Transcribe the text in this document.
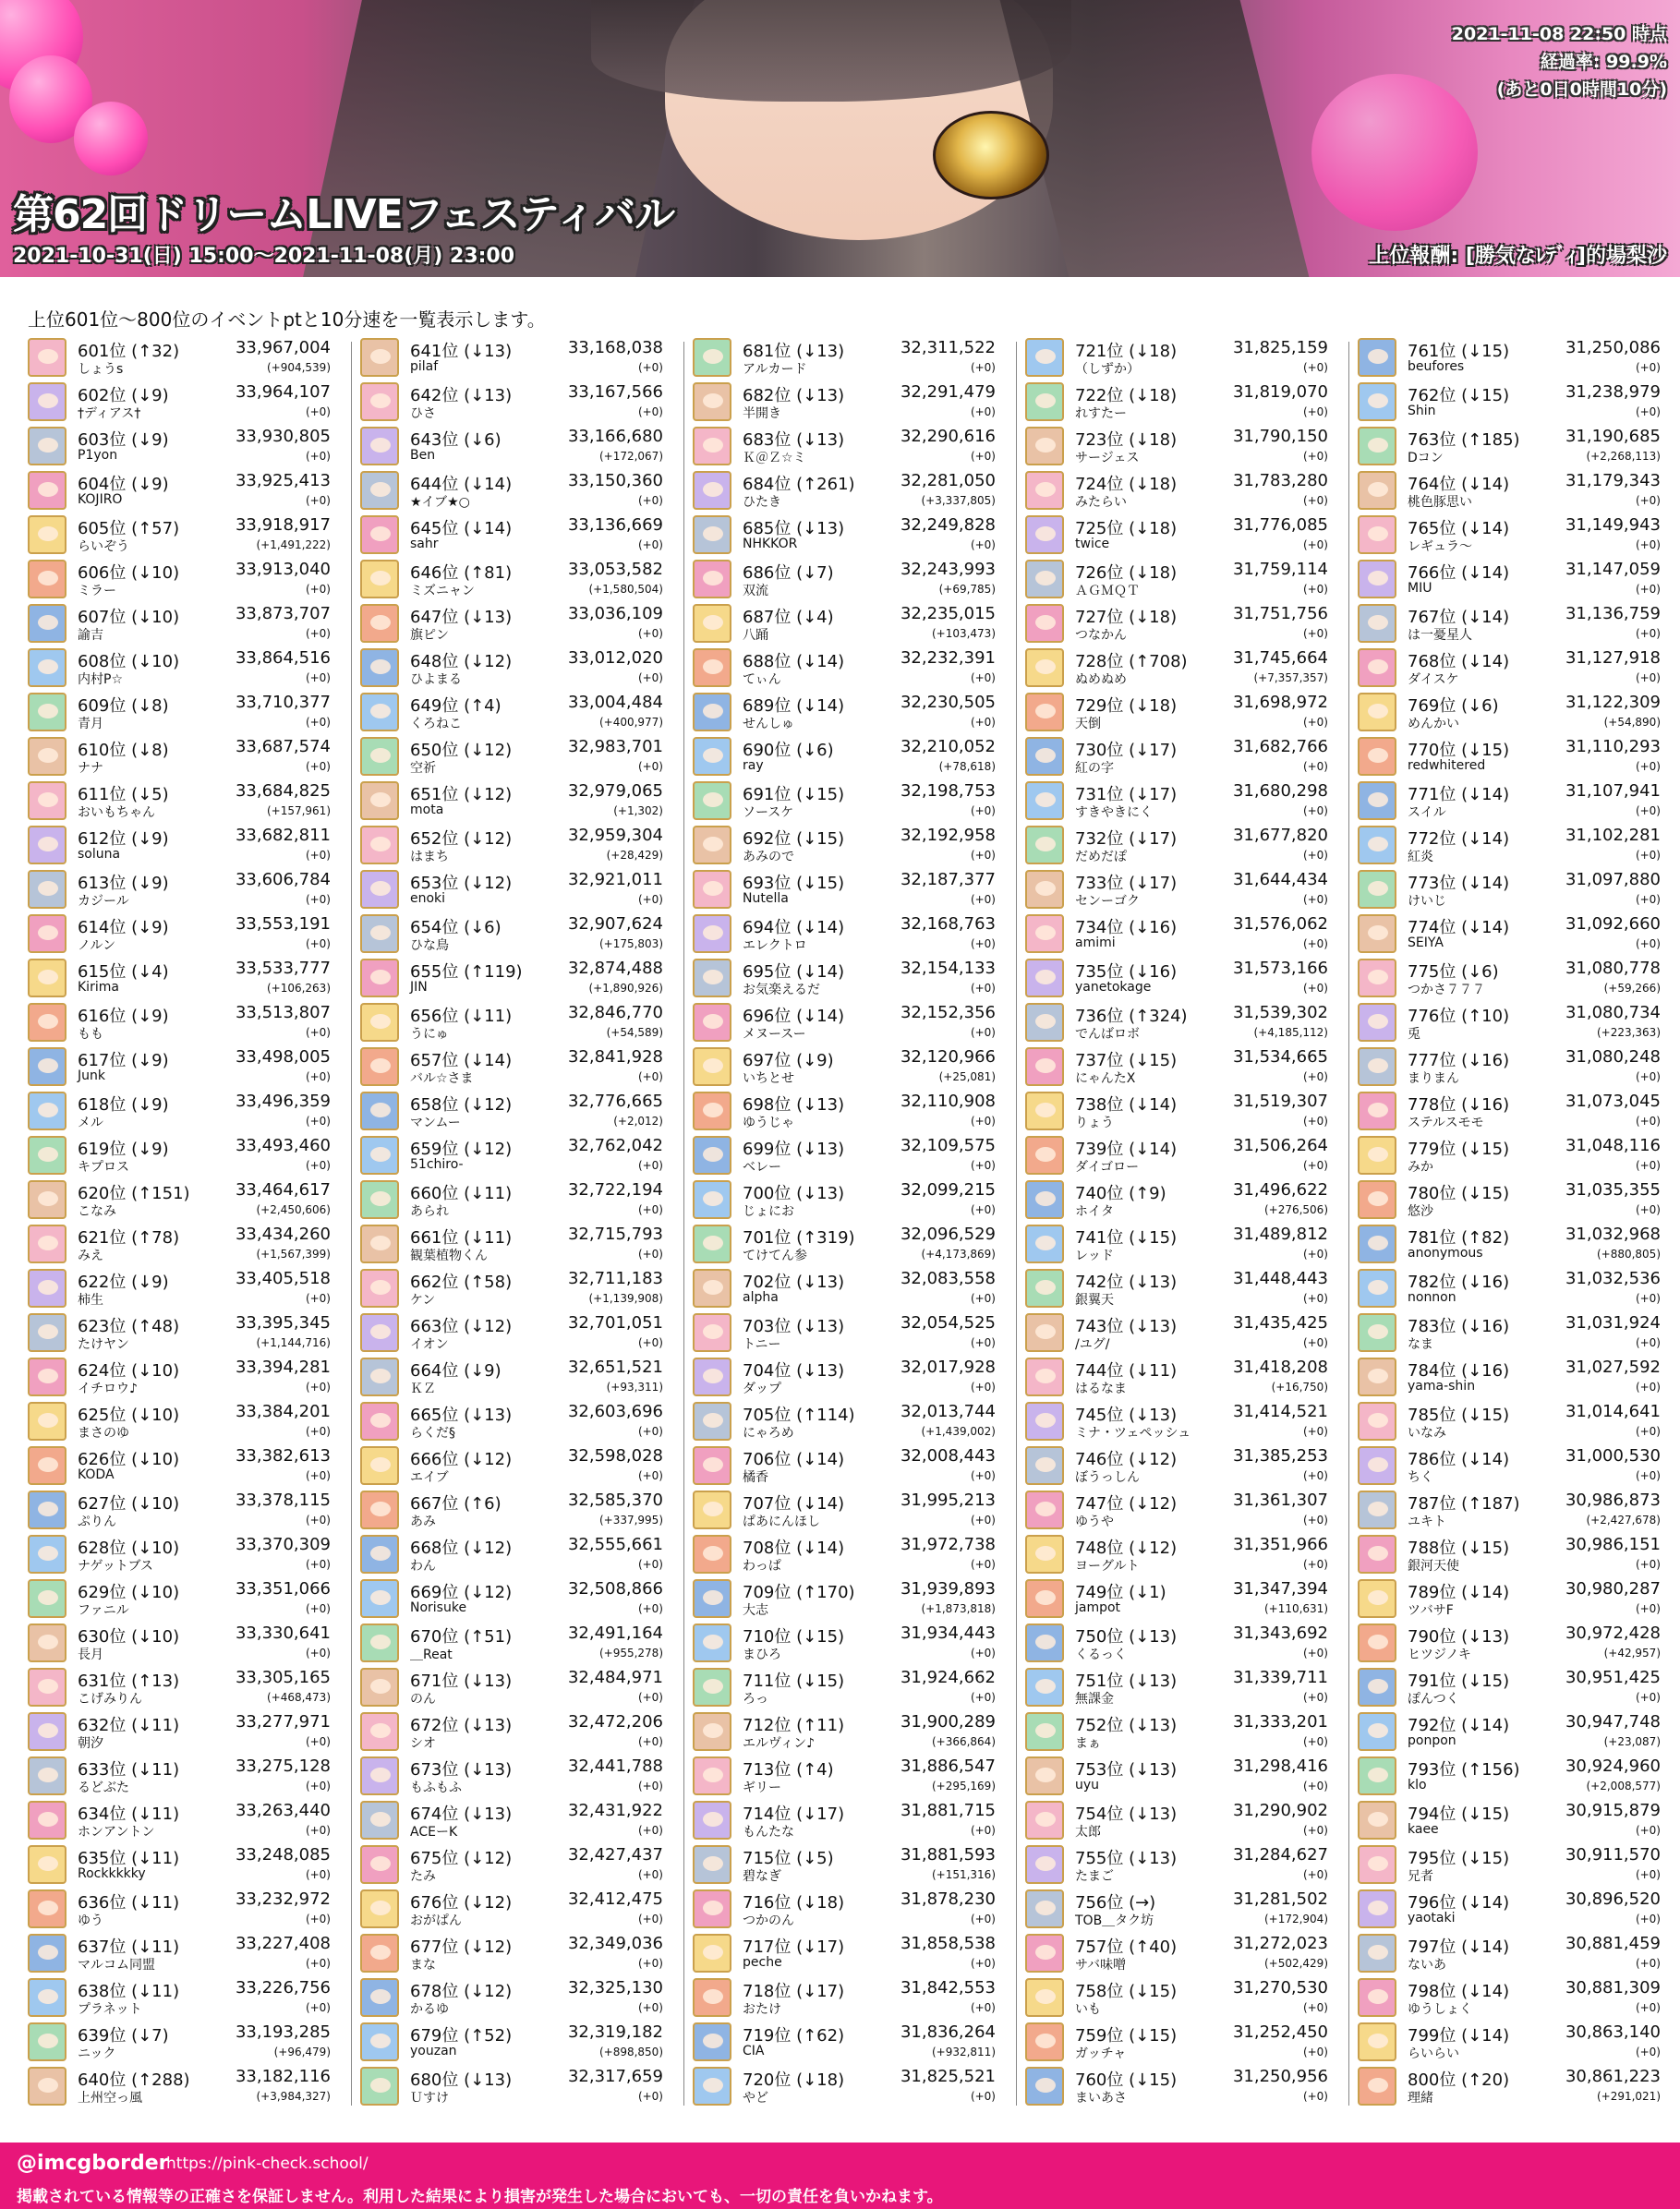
2021-11-08 22:50 時点
経過率: 99.9%
(あと0日0時間10分)
第62回ドリームLIVEフェスティバル
2021-10-31(日) 15:00～2021-11-08(月) 23:00	上位報酬: [勝気なﾚﾃﾞｨ]的場梨沙
上位601位～800位のイベントptと10分速を一覧表示します。
601位 (↑32)	33,967,004
しょうs	(+904,539)
602位 (↓9)	33,964,107
†ディアス†	(+0)
603位 (↓9)	33,930,805
P1yon	(+0)
604位 (↓9)	33,925,413
KOJIRO	(+0)
605位 (↑57)	33,918,917
らいぞう	(+1,491,222)
606位 (↓10)	33,913,040
ミラー	(+0)
607位 (↓10)	33,873,707
諭吉	(+0)
608位 (↓10)	33,864,516
内村P☆	(+0)
609位 (↓8)	33,710,377
青月	(+0)
610位 (↓8)	33,687,574
ナナ	(+0)
611位 (↓5)	33,684,825
おいもちゃん	(+157,961)
612位 (↓9)	33,682,811
soluna	(+0)
613位 (↓9)	33,606,784
カジール	(+0)
614位 (↓9)	33,553,191
ノルン	(+0)
615位 (↓4)	33,533,777
Kirima	(+106,263)
616位 (↓9)	33,513,807
もも	(+0)
617位 (↓9)	33,498,005
Junk	(+0)
618位 (↓9)	33,496,359
メル	(+0)
619位 (↓9)	33,493,460
キプロス	(+0)
620位 (↑151)	33,464,617
こなみ	(+2,450,606)
621位 (↑78)	33,434,260
みえ	(+1,567,399)
622位 (↓9)	33,405,518
柿生	(+0)
623位 (↑48)	33,395,345
たけヤン	(+1,144,716)
624位 (↓10)	33,394,281
イチロウ♪	(+0)
625位 (↓10)	33,384,201
まさのゆ	(+0)
626位 (↓10)	33,382,613
KODA	(+0)
627位 (↓10)	33,378,115
ぷりん	(+0)
628位 (↓10)	33,370,309
ナゲットブス	(+0)
629位 (↓10)	33,351,066
ファニル	(+0)
630位 (↓10)	33,330,641
長月	(+0)
631位 (↑13)	33,305,165
こげみりん	(+468,473)
632位 (↓11)	33,277,971
朝汐	(+0)
633位 (↓11)	33,275,128
るどぶた	(+0)
634位 (↓11)	33,263,440
ホンアントン	(+0)
635位 (↓11)	33,248,085
Rockkkkky	(+0)
636位 (↓11)	33,232,972
ゆう	(+0)
637位 (↓11)	33,227,408
マルコム同盟	(+0)
638位 (↓11)	33,226,756
プラネット	(+0)
639位 (↓7)	33,193,285
ニック	(+96,479)
640位 (↑288)	33,182,116
上州空っ風	(+3,984,327)
641位 (↓13)	33,168,038
pilaf	(+0)
642位 (↓13)	33,167,566
ひさ	(+0)
643位 (↓6)	33,166,680
Ben	(+172,067)
644位 (↓14)	33,150,360
★イブ★○	(+0)
645位 (↓14)	33,136,669
sahr	(+0)
646位 (↑81)	33,053,582
ミズニャン	(+1,580,504)
647位 (↓13)	33,036,109
旗ピン	(+0)
648位 (↓12)	33,012,020
ひよまる	(+0)
649位 (↑4)	33,004,484
くろねこ	(+400,977)
650位 (↓12)	32,983,701
空祈	(+0)
651位 (↓12)	32,979,065
mota	(+1,302)
652位 (↓12)	32,959,304
はまち	(+28,429)
653位 (↓12)	32,921,011
enoki	(+0)
654位 (↓6)	32,907,624
ひな鳥	(+175,803)
655位 (↑119)	32,874,488
JIN	(+1,890,926)
656位 (↓11)	32,846,770
うにゅ	(+54,589)
657位 (↓14)	32,841,928
バル☆さま	(+0)
658位 (↓12)	32,776,665
マンムー	(+2,012)
659位 (↓12)	32,762,042
51chiro-	(+0)
660位 (↓11)	32,722,194
あられ	(+0)
661位 (↓11)	32,715,793
観葉植物くん	(+0)
662位 (↑58)	32,711,183
ケン	(+1,139,908)
663位 (↓12)	32,701,051
イオン	(+0)
664位 (↓9)	32,651,521
ＫＺ	(+93,311)
665位 (↓13)	32,603,696
らくだ§	(+0)
666位 (↓12)	32,598,028
エイブ	(+0)
667位 (↑6)	32,585,370
あみ	(+337,995)
668位 (↓12)	32,555,661
わん	(+0)
669位 (↓12)	32,508,866
Norisuke	(+0)
670位 (↑51)	32,491,164
＿Reat	(+955,278)
671位 (↓13)	32,484,971
のん	(+0)
672位 (↓13)	32,472,206
シオ	(+0)
673位 (↓13)	32,441,788
もふもふ	(+0)
674位 (↓13)	32,431,922
ACEーK	(+0)
675位 (↓12)	32,427,437
たみ	(+0)
676位 (↓12)	32,412,475
おがぱん	(+0)
677位 (↓12)	32,349,036
まな	(+0)
678位 (↓12)	32,325,130
かるゆ	(+0)
679位 (↑52)	32,319,182
youzan	(+898,850)
680位 (↓13)	32,317,659
Ｕすけ	(+0)
681位 (↓13)	32,311,522
アルカード	(+0)
682位 (↓13)	32,291,479
半開き	(+0)
683位 (↓13)	32,290,616
Ｋ＠Ｚ☆ミ	(+0)
684位 (↑261)	32,281,050
ひたき	(+3,337,805)
685位 (↓13)	32,249,828
NHKKOR	(+0)
686位 (↓7)	32,243,993
双流	(+69,785)
687位 (↓4)	32,235,015
八踊	(+103,473)
688位 (↓14)	32,232,391
てぃん	(+0)
689位 (↓14)	32,230,505
せんしゅ	(+0)
690位 (↓6)	32,210,052
ray	(+78,618)
691位 (↓15)	32,198,753
ソースケ	(+0)
692位 (↓15)	32,192,958
あみので	(+0)
693位 (↓15)	32,187,377
Nutella	(+0)
694位 (↓14)	32,168,763
エレクトロ	(+0)
695位 (↓14)	32,154,133
お気楽えるだ	(+0)
696位 (↓14)	32,152,356
メヌースー	(+0)
697位 (↓9)	32,120,966
いちとせ	(+25,081)
698位 (↓13)	32,110,908
ゆうじゃ	(+0)
699位 (↓13)	32,109,575
ベレー	(+0)
700位 (↓13)	32,099,215
じょにお	(+0)
701位 (↑319)	32,096,529
てけてん参	(+4,173,869)
702位 (↓13)	32,083,558
alpha	(+0)
703位 (↓13)	32,054,525
トニー	(+0)
704位 (↓13)	32,017,928
ダップ	(+0)
705位 (↑114)	32,013,744
にゃろめ	(+1,439,002)
706位 (↓14)	32,008,443
橘香	(+0)
707位 (↓14)	31,995,213
ぱあにんほし	(+0)
708位 (↓14)	31,972,738
わっぱ	(+0)
709位 (↑170)	31,939,893
大志	(+1,873,818)
710位 (↓15)	31,934,443
まひろ	(+0)
711位 (↓15)	31,924,662
ろっ	(+0)
712位 (↑11)	31,900,289
エルヴィン♪	(+366,864)
713位 (↑4)	31,886,547
ギリー	(+295,169)
714位 (↓17)	31,881,715
もんたな	(+0)
715位 (↓5)	31,881,593
碧なぎ	(+151,316)
716位 (↓18)	31,878,230
つかのん	(+0)
717位 (↓17)	31,858,538
peche	(+0)
718位 (↓17)	31,842,553
おたけ	(+0)
719位 (↑62)	31,836,264
CIA	(+932,811)
720位 (↓18)	31,825,521
やど	(+0)
721位 (↓18)	31,825,159
（しずか）	(+0)
722位 (↓18)	31,819,070
れすたー	(+0)
723位 (↓18)	31,790,150
サージェス	(+0)
724位 (↓18)	31,783,280
みたらい	(+0)
725位 (↓18)	31,776,085
twice	(+0)
726位 (↓18)	31,759,114
ＡＧＭＱＴ	(+0)
727位 (↓18)	31,751,756
つなかん	(+0)
728位 (↑708)	31,745,664
ぬめぬめ	(+7,357,357)
729位 (↓18)	31,698,972
天倒	(+0)
730位 (↓17)	31,682,766
紅の字	(+0)
731位 (↓17)	31,680,298
すきやきにく	(+0)
732位 (↓17)	31,677,820
だめだぽ	(+0)
733位 (↓17)	31,644,434
センーゴク	(+0)
734位 (↓16)	31,576,062
amimi	(+0)
735位 (↓16)	31,573,166
yanetokage	(+0)
736位 (↑324)	31,539,302
でんばロボ	(+4,185,112)
737位 (↓15)	31,534,665
にゃんたX	(+0)
738位 (↓14)	31,519,307
りょう	(+0)
739位 (↓14)	31,506,264
ダイゴロー	(+0)
740位 (↑9)	31,496,622
ホイタ	(+276,506)
741位 (↓15)	31,489,812
レッド	(+0)
742位 (↓13)	31,448,443
銀翼天	(+0)
743位 (↓13)	31,435,425
/ユグ/	(+0)
744位 (↓11)	31,418,208
はるなま	(+16,750)
745位 (↓13)	31,414,521
ミナ・ツェペッシュ	(+0)
746位 (↓12)	31,385,253
ぼうっしん	(+0)
747位 (↓12)	31,361,307
ゆうや	(+0)
748位 (↓12)	31,351,966
ヨーグルト	(+0)
749位 (↓1)	31,347,394
jampot	(+110,631)
750位 (↓13)	31,343,692
くるっく	(+0)
751位 (↓13)	31,339,711
無課金	(+0)
752位 (↓13)	31,333,201
まぁ	(+0)
753位 (↓13)	31,298,416
uyu	(+0)
754位 (↓13)	31,290,902
太郎	(+0)
755位 (↓13)	31,284,627
たまご	(+0)
756位 (→)	31,281,502
TOB＿タク坊	(+172,904)
757位 (↑40)	31,272,023
サバ味噌	(+502,429)
758位 (↓15)	31,270,530
いも	(+0)
759位 (↓15)	31,252,450
ガッチャ	(+0)
760位 (↓15)	31,250,956
まいあさ	(+0)
761位 (↓15)	31,250,086
beufores	(+0)
762位 (↓15)	31,238,979
Shin	(+0)
763位 (↑185)	31,190,685
Dコン	(+2,268,113)
764位 (↓14)	31,179,343
桃色豚思い	(+0)
765位 (↓14)	31,149,943
レギュラ～	(+0)
766位 (↓14)	31,147,059
MIU	(+0)
767位 (↓14)	31,136,759
は一憂星人	(+0)
768位 (↓14)	31,127,918
ダイスケ	(+0)
769位 (↓6)	31,122,309
めんかい	(+54,890)
770位 (↓15)	31,110,293
redwhitered	(+0)
771位 (↓14)	31,107,941
スイル	(+0)
772位 (↓14)	31,102,281
紅炎	(+0)
773位 (↓14)	31,097,880
けいじ	(+0)
774位 (↓14)	31,092,660
SEIYA	(+0)
775位 (↓6)	31,080,778
つかさ７７７	(+59,266)
776位 (↑10)	31,080,734
兎	(+223,363)
777位 (↓16)	31,080,248
まりまん	(+0)
778位 (↓16)	31,073,045
ステルスモモ	(+0)
779位 (↓15)	31,048,116
みか	(+0)
780位 (↓15)	31,035,355
悠沙	(+0)
781位 (↑82)	31,032,968
anonymous	(+880,805)
782位 (↓16)	31,032,536
nonnon	(+0)
783位 (↓16)	31,031,924
なま	(+0)
784位 (↓16)	31,027,592
yama-shin	(+0)
785位 (↓15)	31,014,641
いなみ	(+0)
786位 (↓14)	31,000,530
ちく	(+0)
787位 (↑187)	30,986,873
ユキト	(+2,427,678)
788位 (↓15)	30,986,151
銀河天使	(+0)
789位 (↓14)	30,980,287
ツバサF	(+0)
790位 (↓13)	30,972,428
ヒツジノキ	(+42,957)
791位 (↓15)	30,951,425
ぽんつく	(+0)
792位 (↓14)	30,947,748
ponpon	(+23,087)
793位 (↑156)	30,924,960
klo	(+2,008,577)
794位 (↓15)	30,915,879
kaee	(+0)
795位 (↓15)	30,911,570
兄者	(+0)
796位 (↓14)	30,896,520
yaotaki	(+0)
797位 (↓14)	30,881,459
ないあ	(+0)
798位 (↓14)	30,881,309
ゆうしょく	(+0)
799位 (↓14)	30,863,140
らいらい	(+0)
800位 (↑20)	30,861,223
理緒	(+291,021)
@imcgborder
https://pink-check.school/
掲載されている情報等の正確さを保証しません。利用した結果により損害が発生した場合においても、一切の責任を負いかねます。
